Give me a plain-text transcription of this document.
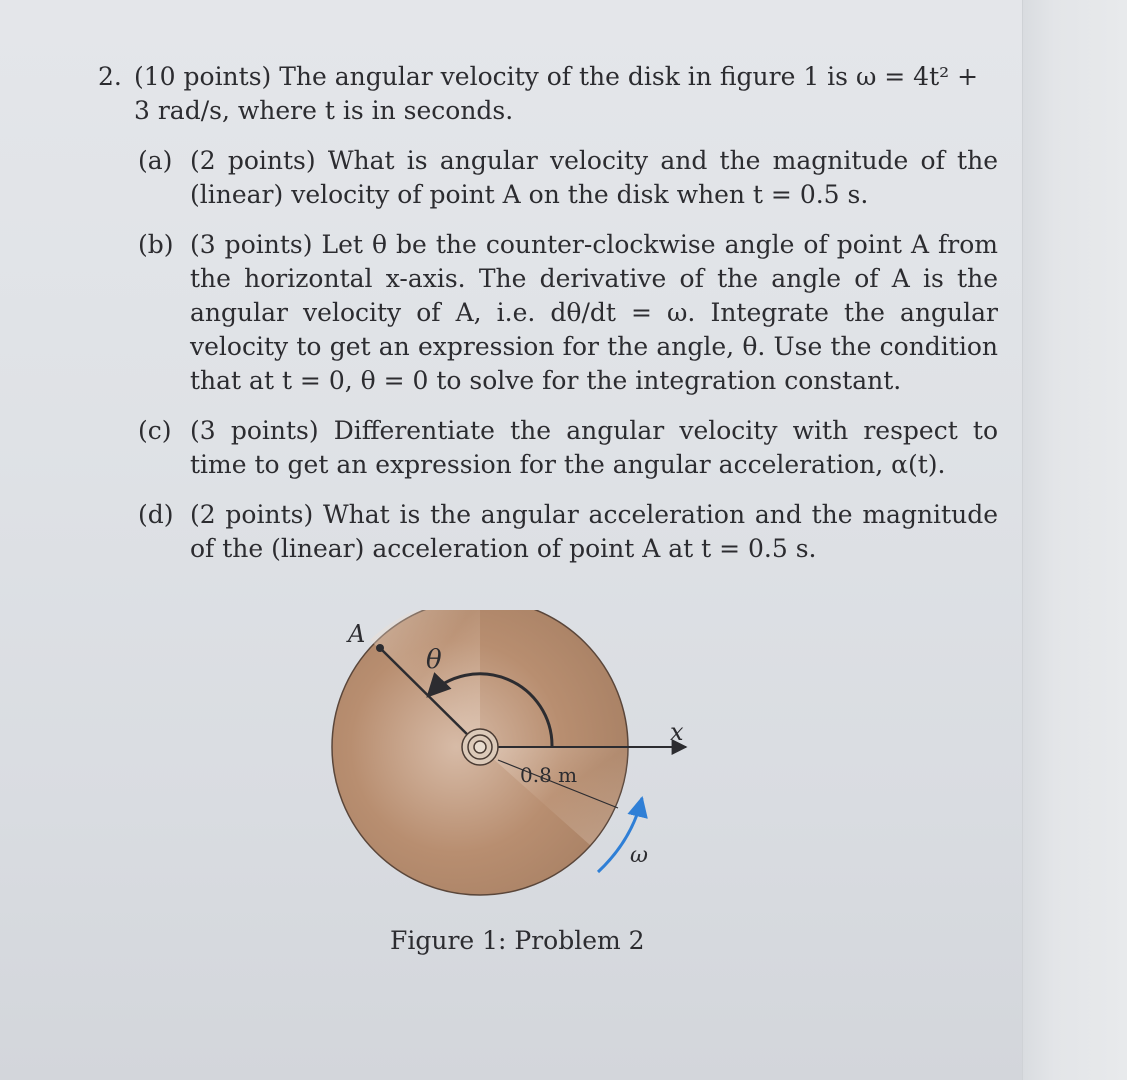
2. (10 points) The angular velocity of the disk in figure 1 is ω = 4t² + 3 rad/s, where t is in seconds.
(a) (2 points) What is angular velocity and the magnitude of the (linear) velocity of point A on the disk when t = 0.5 s.
(b) (3 points) Let θ be the counter-clockwise angle of point A from the horizontal x-axis. The derivative of the angle of A is the angular velocity of A, i.e. dθ/dt = ω. Integrate the angular velocity to get an expression for the angle, θ. Use the condition that at t = 0, θ = 0 to solve for the integration constant.
(c) (3 points) Differentiate the angular velocity with respect to time to get an expression for the angular acceleration, α(t).
(d) (2 points) What is the angular acceleration and the magnitude of the (linear) acceleration of point A at t = 0.5 s.
x
A
θ
0.8 m
ω
Figure 1: Problem 2
